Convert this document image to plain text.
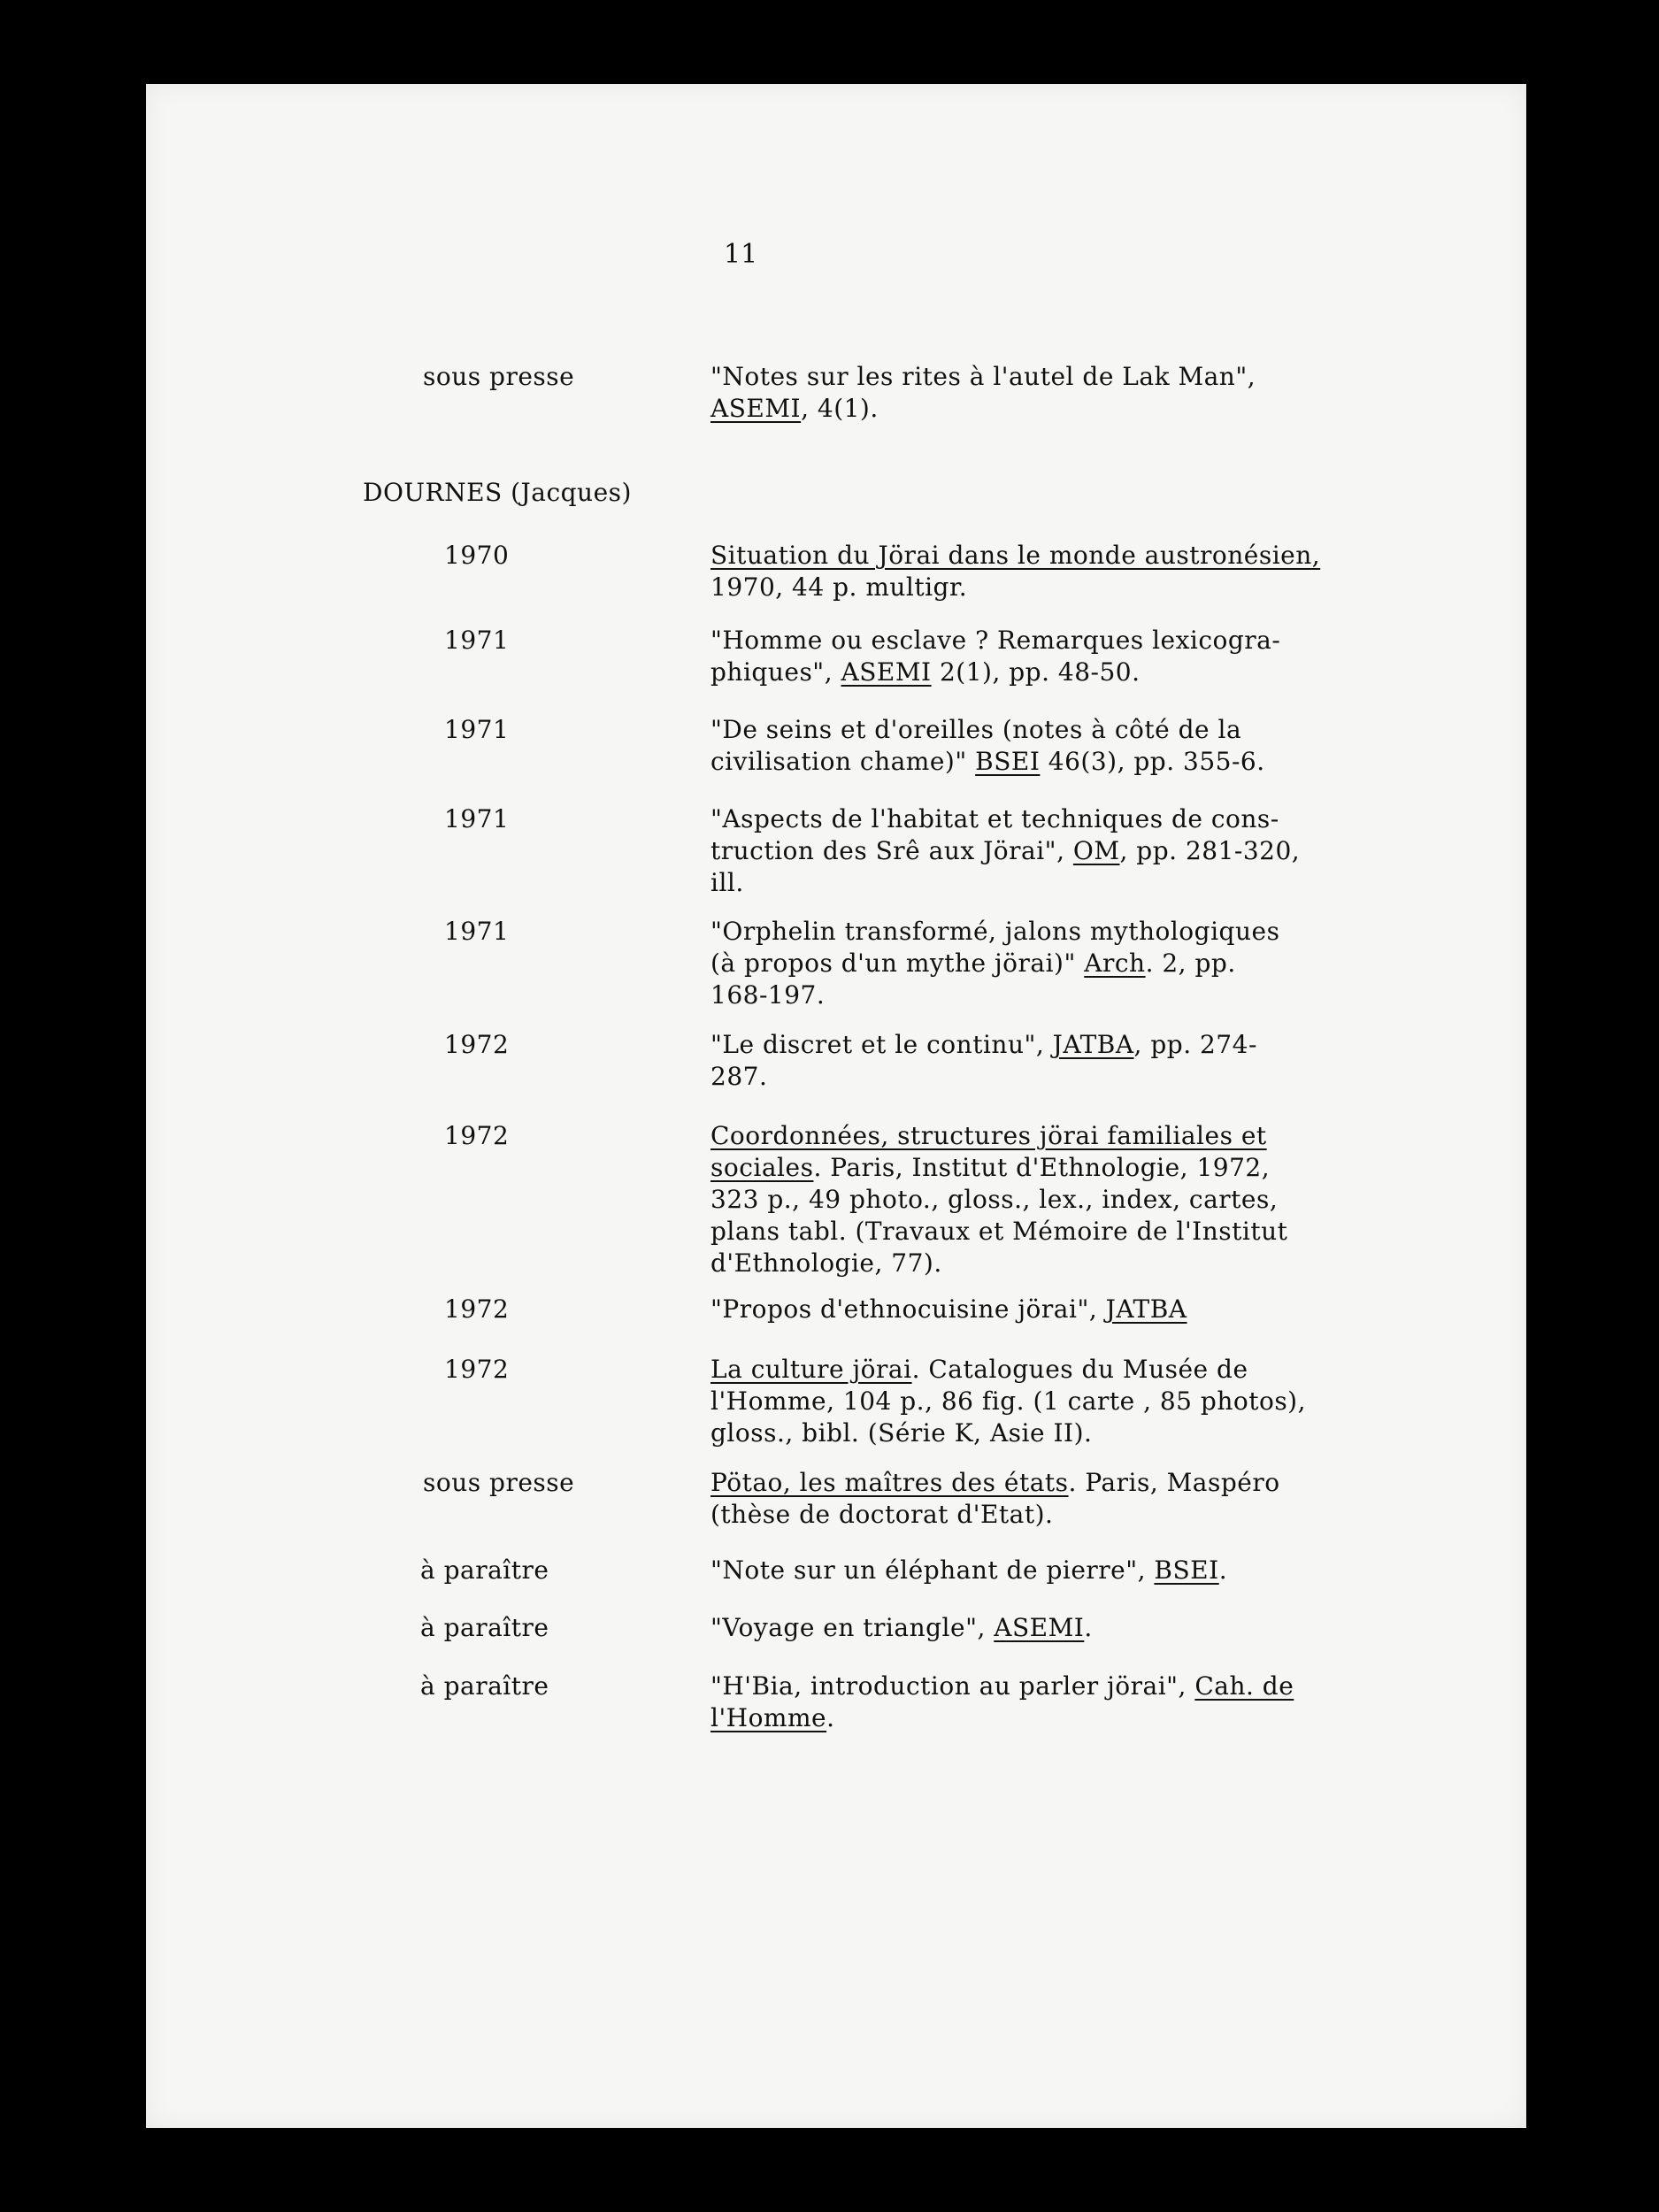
11
DOURNES (Jacques)
sous presse	"Notes sur les rites à l'autel de Lak Man",
ASEMI, 4(1).
1970	Situation du Jörai dans le monde austronésien,
1970, 44 p. multigr.
1971	"Homme ou esclave ? Remarques lexicogra-
phiques", ASEMI 2(1), pp. 48-50.
1971	"De seins et d'oreilles (notes à côté de la
civilisation chame)" BSEI 46(3), pp. 355-6.
1971	"Aspects de l'habitat et techniques de cons-
truction des Srê aux Jörai", OM, pp. 281-320,
ill.
1971	"Orphelin transformé, jalons mythologiques
(à propos d'un mythe jörai)" Arch. 2, pp.
168-197.
1972	"Le discret et le continu", JATBA, pp. 274-
287.
1972	Coordonnées, structures jörai familiales et
sociales. Paris, Institut d'Ethnologie, 1972,
323 p., 49 photo., gloss., lex., index, cartes,
plans tabl. (Travaux et Mémoire de l'Institut
d'Ethnologie, 77).
1972	"Propos d'ethnocuisine jörai", JATBA
1972	La culture jörai. Catalogues du Musée de
l'Homme, 104 p., 86 fig. (1 carte , 85 photos),
gloss., bibl. (Série K, Asie II).
sous presse	Pötao, les maîtres des états. Paris, Maspéro
(thèse de doctorat d'Etat).
à paraître	"Note sur un éléphant de pierre", BSEI.
à paraître	"Voyage en triangle", ASEMI.
à paraître	"H'Bia, introduction au parler jörai", Cah. de
l'Homme.
